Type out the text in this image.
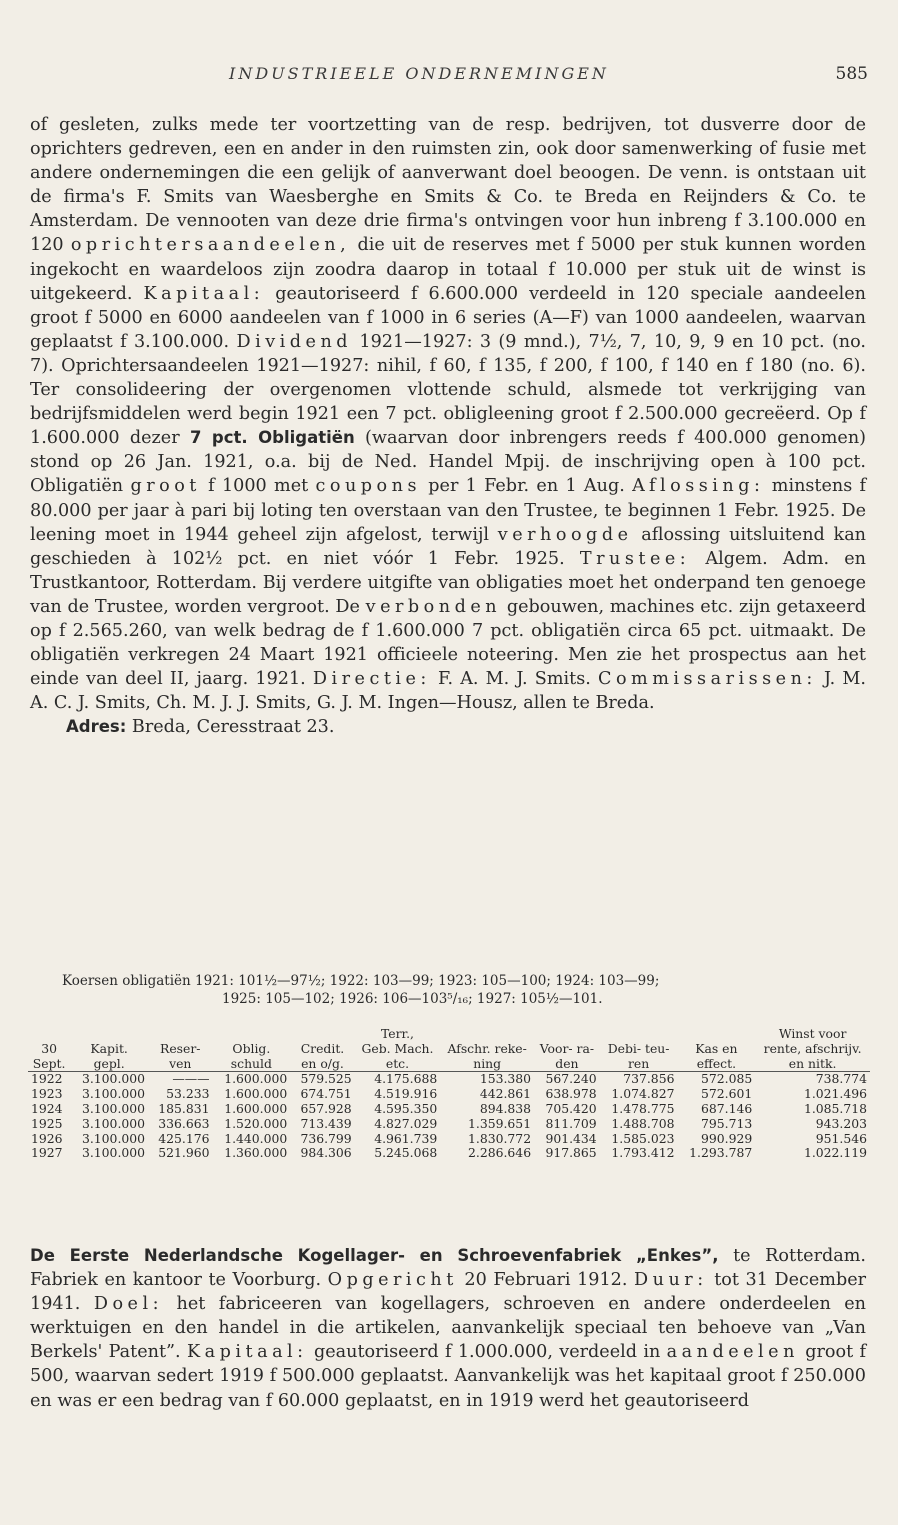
INDUSTRIEELE ONDERNEMINGEN	585

of gesleten, zulks mede ter voortzetting van de resp. bedrijven, tot dusverre door de oprichters gedreven, een en ander in den ruimsten zin, ook door samenwerking of fusie met andere ondernemingen die een gelijk of aanverwant doel beoogen. De venn. is ontstaan uit de firma's F. Smits van Waesberghe en Smits & Co. te Breda en Reijnders & Co. te Amsterdam. De vennooten van deze drie firma's ontvingen voor hun inbreng f 3.100.000 en 120 oprichtersaandeelen, die uit de reserves met f 5000 per stuk kunnen worden ingekocht en waardeloos zijn zoodra daarop in totaal f 10.000 per stuk uit de winst is uitgekeerd. Kapitaal: geautoriseerd f 6.600.000 verdeeld in 120 speciale aandeelen groot f 5000 en 6000 aandeelen van f 1000 in 6 series (A—F) van 1000 aandeelen, waarvan geplaatst f 3.100.000. Dividend 1921—1927: 3 (9 mnd.), 7½, 7, 10, 9, 9 en 10 pct. (no. 7). Oprichtersaandeelen 1921—1927: nihil, f 60, f 135, f 200, f 100, f 140 en f 180 (no. 6). Ter consolideering der overgenomen vlottende schuld, alsmede tot verkrijging van bedrijfsmiddelen werd begin 1921 een 7 pct. obligleening groot f 2.500.000 gecreëerd. Op f 1.600.000 dezer 7 pct. Obligatiën (waarvan door inbrengers reeds f 400.000 genomen) stond op 26 Jan. 1921, o.a. bij de Ned. Handel Mpij. de inschrijving open à 100 pct. Obligatiën groot f 1000 met coupons per 1 Febr. en 1 Aug. Aflossing: minstens f 80.000 per jaar à pari bij loting ten overstaan van den Trustee, te beginnen 1 Febr. 1925. De leening moet in 1944 geheel zijn afgelost, terwijl verhoogde aflossing uitsluitend kan geschieden à 102½ pct. en niet vóór 1 Febr. 1925. Trustee: Algem. Adm. en Trustkantoor, Rotterdam. Bij verdere uitgifte van obligaties moet het onderpand ten genoege van de Trustee, worden vergroot. De verbonden gebouwen, machines etc. zijn getaxeerd op f 2.565.260, van welk bedrag de f 1.600.000 7 pct. obligatiën circa 65 pct. uitmaakt. De obligatiën verkregen 24 Maart 1921 officieele noteering. Men zie het prospectus aan het einde van deel II, jaarg. 1921. Directie: F. A. M. J. Smits. Commissarissen: J. M. A. C. J. Smits, Ch. M. J. J. Smits, G. J. M. Ingen—Housz, allen te Breda.
Adres: Breda, Ceresstraat 23.

Koersen obligatiën 1921: 101½—97½; 1922: 103—99; 1923: 105—100; 1924: 103—99;
1925: 105—102; 1926: 106—103⁵/₁₆; 1927: 105½—101.
					Terr.,					Winst voor
30	Kapit.	Reser-	Oblig.	Credit.	Geb. Mach.	Afschr. reke-	Voor- ra-	Debi- teu-	Kas en	rente, afschrijv.
Sept.	gepl.	ven	schuld	en o/g.	etc.	ning	den	ren	effect.	en nitk.
1922	3.100.000	———	1.600.000	579.525	4.175.688	153.380	567.240	737.856	572.085	738.774
1923	3.100.000	53.233	1.600.000	674.751	4.519.916	442.861	638.978	1.074.827	572.601	1.021.496
1924	3.100.000	185.831	1.600.000	657.928	4.595.350	894.838	705.420	1.478.775	687.146	1.085.718
1925	3.100.000	336.663	1.520.000	713.439	4.827.029	1.359.651	811.709	1.488.708	795.713	943.203
1926	3.100.000	425.176	1.440.000	736.799	4.961.739	1.830.772	901.434	1.585.023	990.929	951.546
1927	3.100.000	521.960	1.360.000	984.306	5.245.068	2.286.646	917.865	1.793.412	1.293.787	1.022.119

De Eerste Nederlandsche Kogellager- en Schroevenfabriek „Enkes”, te Rotterdam. Fabriek en kantoor te Voorburg. Opgericht 20 Februari 1912. Duur: tot 31 December 1941. Doel: het fabriceeren van kogellagers, schroeven en andere onderdeelen en werktuigen en den handel in die artikelen, aanvankelijk speciaal ten behoeve van „Van Berkels' Patent”. Kapitaal: geautoriseerd f 1.000.000, verdeeld in aandeelen groot f 500, waarvan sedert 1919 f 500.000 geplaatst. Aanvankelijk was het kapitaal groot f 250.000 en was er een bedrag van f 60.000 geplaatst, en in 1919 werd het geautoriseerd
